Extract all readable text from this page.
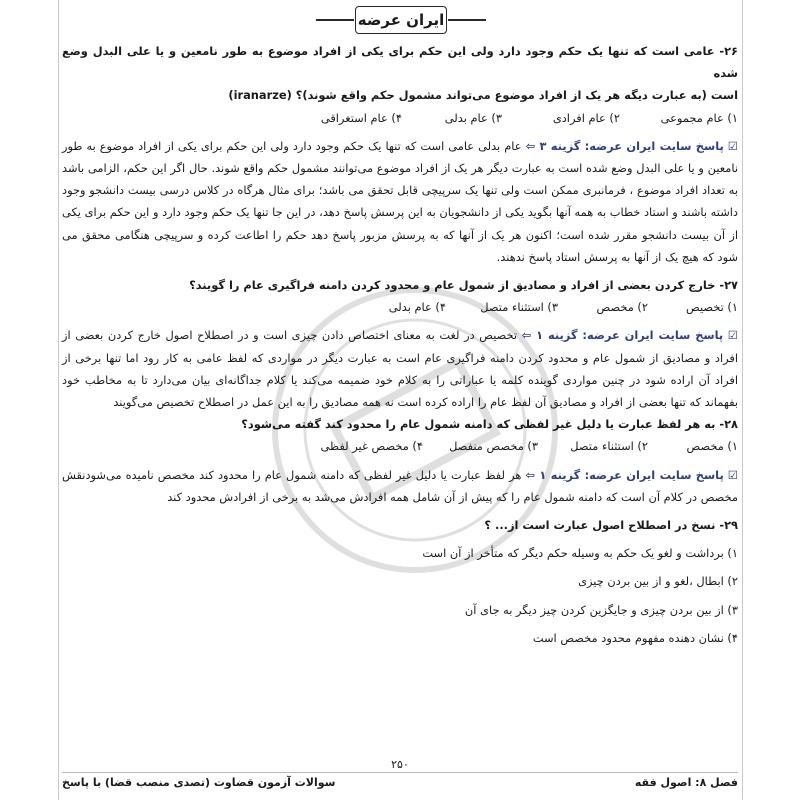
ایران عرضه

۲۶- عامی است که تنها یک حکم وجود دارد ولی این حکم برای یکی از افراد موضوع به طور نامعین و یا علی البدل وضع شده

است (به عبارت دیگه هر یک از افراد موضوع می‌تواند مشمول حکم واقع شوند)؟ (iranarze)

۱) عام مجموعی
۲) عام افرادی
۳) عام بدلی
۴) عام استغراقی

☑ پاسخ سایت ایران عرضه: گزینه ۳ ⇦ عام بدلی عامی است که تنها یک حکم وجود دارد ولی این حکم برای یکی از افراد موضوع به طور نامعین و یا علی البدل وضع شده است به عبارت دیگر هر یک از افراد موضوع می‌توانند مشمول حکم واقع شوند. حال اگر این حکم، الزامی باشد به تعداد افراد موضوع ، فرمانبری ممکن است ولی تنها یک سرپیچی قابل تحقق می باشد؛ برای مثال هرگاه در کلاس درسی بیست دانشجو وجود داشته باشند و استاد خطاب به همه آنها بگوید یکی از دانشجویان به این پرسش پاسخ دهد، در این جا تنها یک حکم وجود دارد و این حکم برای یکی از آن بیست دانشجو مقرر شده است؛ اکنون هر یک از آنها که به پرسش مزبور پاسخ دهد حکم را اطاعت کرده و سرپیچی هنگامی محقق می شود که هیچ یک از آنها به پرسش استاد پاسخ ندهند.

۲۷- خارج کردن بعضی از افراد و مصادیق از شمول عام و محدود کردن دامنه فراگیری عام را گویند؟

۱) تخصیص
۲) مخصص
۳) استثناء متصل
۴) عام بدلی

☑ پاسخ سایت ایران عرضه: گزینه ۱ ⇦ تخصیص در لغت به معنای اختصاص دادن چیزی است و در اصطلاح اصول خارج کردن بعضی از افراد و مصادیق از شمول عام و محدود کردن دامنه فراگیری عام است به عبارت دیگر در مواردی که لفظ عامی به کار رود اما تنها برخی از افراد آن اراده شود در چنین مواردی گوینده کلمه یا عباراتی را به کلام خود ضمیمه می‌کند یا کلام جداگانه‌ای بیان می‌دارد تا به مخاطب خود بفهماند که تنها بعضی از افراد و مصادیق آن لفظ عام را اراده کرده است نه همه مصادیق را به این عمل در اصطلاح تخصیص می‌گویند

۲۸- به هر لفظ عبارت یا دلیل غیر لفظی که دامنه شمول عام را محدود کند گفته می‌شود؟

۱) مخصص
۲) استثناء متصل
۳) مخصص منفصل
۴) مخصص غیر لفظی

☑ پاسخ سایت ایران عرضه: گزینه ۱ ⇦ هر لفظ عبارت یا دلیل غیر لفظی که دامنه شمول عام را محدود کند مخصص نامیده می‌شودنقش مخصص در کلام آن است که دامنه شمول عام را که پیش از آن شامل همه افرادش می‌شد به برخی از افرادش محدود کند

۲۹- نسخ در اصطلاح اصول عبارت است از... ؟

۱) برداشت و لغو یک حکم به وسیله حکم دیگر که متأخر از آن است

۲) ابطال ،لغو و از بین بردن چیزی

۳) از بین بردن چیزی و جایگزین کردن چیز دیگر به جای آن

۴) نشان دهنده مفهوم محدود مخصص است

۲۵۰
فصل ۸: اصول فقه
سوالات آزمون قضاوت (تصدی منصب قضا) با پاسخ
